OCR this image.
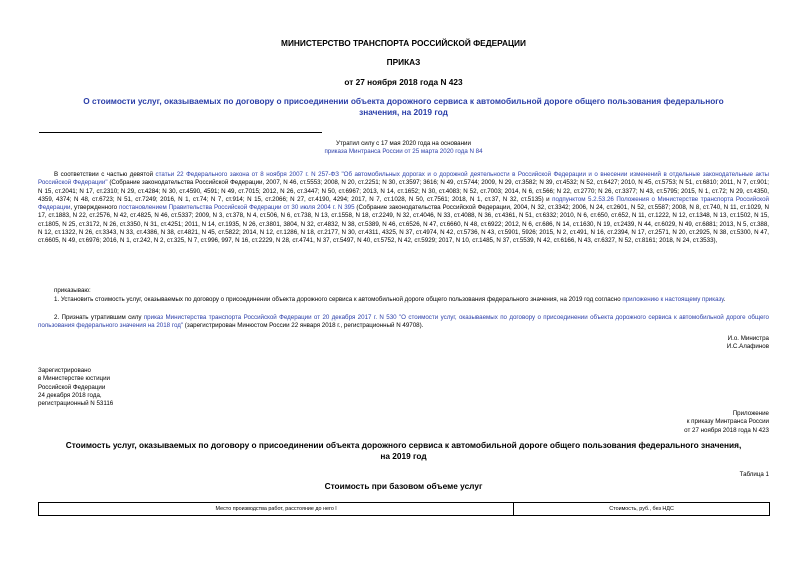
МИНИСТЕРСТВО ТРАНСПОРТА РОССИЙСКОЙ ФЕДЕРАЦИИ
ПРИКАЗ
от 27 ноября 2018 года N 423
О стоимости услуг, оказываемых по договору о присоединении объекта дорожного сервиса к автомобильной дороге общего пользования федерального
значения, на 2019 год
Утратил силу с 17 мая 2020 года на основании
приказа Минтранса России от 25 марта 2020 года N 84
В соответствии с частью девятой статьи 22 Федерального закона от 8 ноября 2007 г. N 257-ФЗ "Об автомобильных дорогах и о дорожной деятельности в Российской Федерации и о внесении изменений в отдельные законодательные акты Российской Федерации" (Собрание законодательства Российской Федерации, 2007, N 46, ст.5553; 2008, N 20, ст.2251; N 30, ст.3597; 3616; N 49, ст.5744; 2009, N 29, ст.3582; N 39, ст.4532; N 52, ст.6427; 2010, N 45, ст.5753; N 51, ст.6810; 2011, N 7, ст.901; N 15, ст.2041; N 17, ст.2310; N 29, ст.4284; N 30, ст.4590, 4591; N 49, ст.7015; 2012, N 26, ст.3447; N 50, ст.6967; 2013, N 14, ст.1652; N 30, ст.4083; N 52, ст.7003; 2014, N 6, ст.566; N 22, ст.2770; N 26, ст.3377; N 43, ст.5795; 2015, N 1, ст.72; N 29, ст.4350, 4359, 4374; N 48, ст.6723; N 51, ст.7249; 2016, N 1, ст.74; N 7, ст.914; N 15, ст.2066; N 27, ст.4190, 4294; 2017, N 7, ст.1028, N 50, ст.7561; 2018, N 1, ст.37, N 32, ст.5135) и подпунктом 5.2.53.26 Положения о Министерстве транспорта Российской Федерации, утвержденного постановлением Правительства Российской Федерации от 30 июля 2004 г. N 395 (Собрание законодательства Российской Федерации, 2004, N 32, ст.3342; 2006, N 24, ст.2601, N 52, ст.5587; 2008, N 8, ст.740, N 11, ст.1029, N 17, ст.1883, N 22, ст.2576, N 42, ст.4825, N 46, ст.5337; 2009, N 3, ст.378, N 4, ст.506, N 6, ст.738, N 13, ст.1558, N 18, ст.2249, N 32, ст.4046, N 33, ст.4088, N 36, ст.4361, N 51, ст.6332; 2010, N 6, ст.650, ст.652, N 11, ст.1222, N 12, ст.1348, N 13, ст.1502, N 15, ст.1805, N 25, ст.3172, N 26, ст.3350, N 31, ст.4251; 2011, N 14, ст.1935, N 26, ст.3801, 3804, N 32, ст.4832, N 38, ст.5389, N 46, ст.6526, N 47, ст.6660, N 48, ст.6922; 2012, N 6, ст.686, N 14, ст.1630, N 19, ст.2439, N 44, ст.6029, N 49, ст.6881; 2013, N 5, ст.388, N 12, ст.1322, N 26, ст.3343, N 33, ст.4386, N 38, ст.4821, N 45, ст.5822; 2014, N 12, ст.1286, N 18, ст.2177, N 30, ст.4311, 4325, N 37, ст.4974, N 42, ст.5736, N 43, ст.5901, 5926; 2015, N 2, ст.491, N 16, ст.2394, N 17, ст.2571, N 20, ст.2925, N 38, ст.5300, N 47, ст.6605, N 49, ст.6976; 2016, N 1, ст.242, N 2, ст.325, N 7, ст.996, 997, N 16, ст.2229, N 28, ст.4741, N 37, ст.5497, N 40, ст.5752, N 42, ст.5929; 2017, N 10, ст.1485, N 37, ст.5539, N 42, ст.6166, N 43, ст.6327, N 52, ст.8161; 2018, N 24, ст.3533),
приказываю:
1. Установить стоимость услуг, оказываемых по договору о присоединении объекта дорожного сервиса к автомобильной дороге общего пользования федерального значения, на 2019 год согласно приложению к настоящему приказу.
2. Признать утратившим силу приказ Министерства транспорта Российской Федерации от 20 декабря 2017 г. N 530 "О стоимости услуг, оказываемых по договору о присоединении объекта дорожного сервиса к автомобильной дороге общего пользования федерального значения на 2018 год" (зарегистрирован Минюстом России 22 января 2018 г., регистрационный N 49708).
И.о. Министра
И.С.Алафинов
Зарегистрировано
в Министерстве юстиции
Российской Федерации
24 декабря 2018 года,
регистрационный N 53116
Приложение
к приказу Минтранса России
от 27 ноября 2018 года N 423
Стоимость услуг, оказываемых по договору о присоединении объекта дорожного сервиса к автомобильной дороге общего пользования федерального значения,
на 2019 год
Таблица 1
Стоимость при базовом объеме услуг
Место производства работ, расстояние до него l	Стоимость, руб., без НДС
